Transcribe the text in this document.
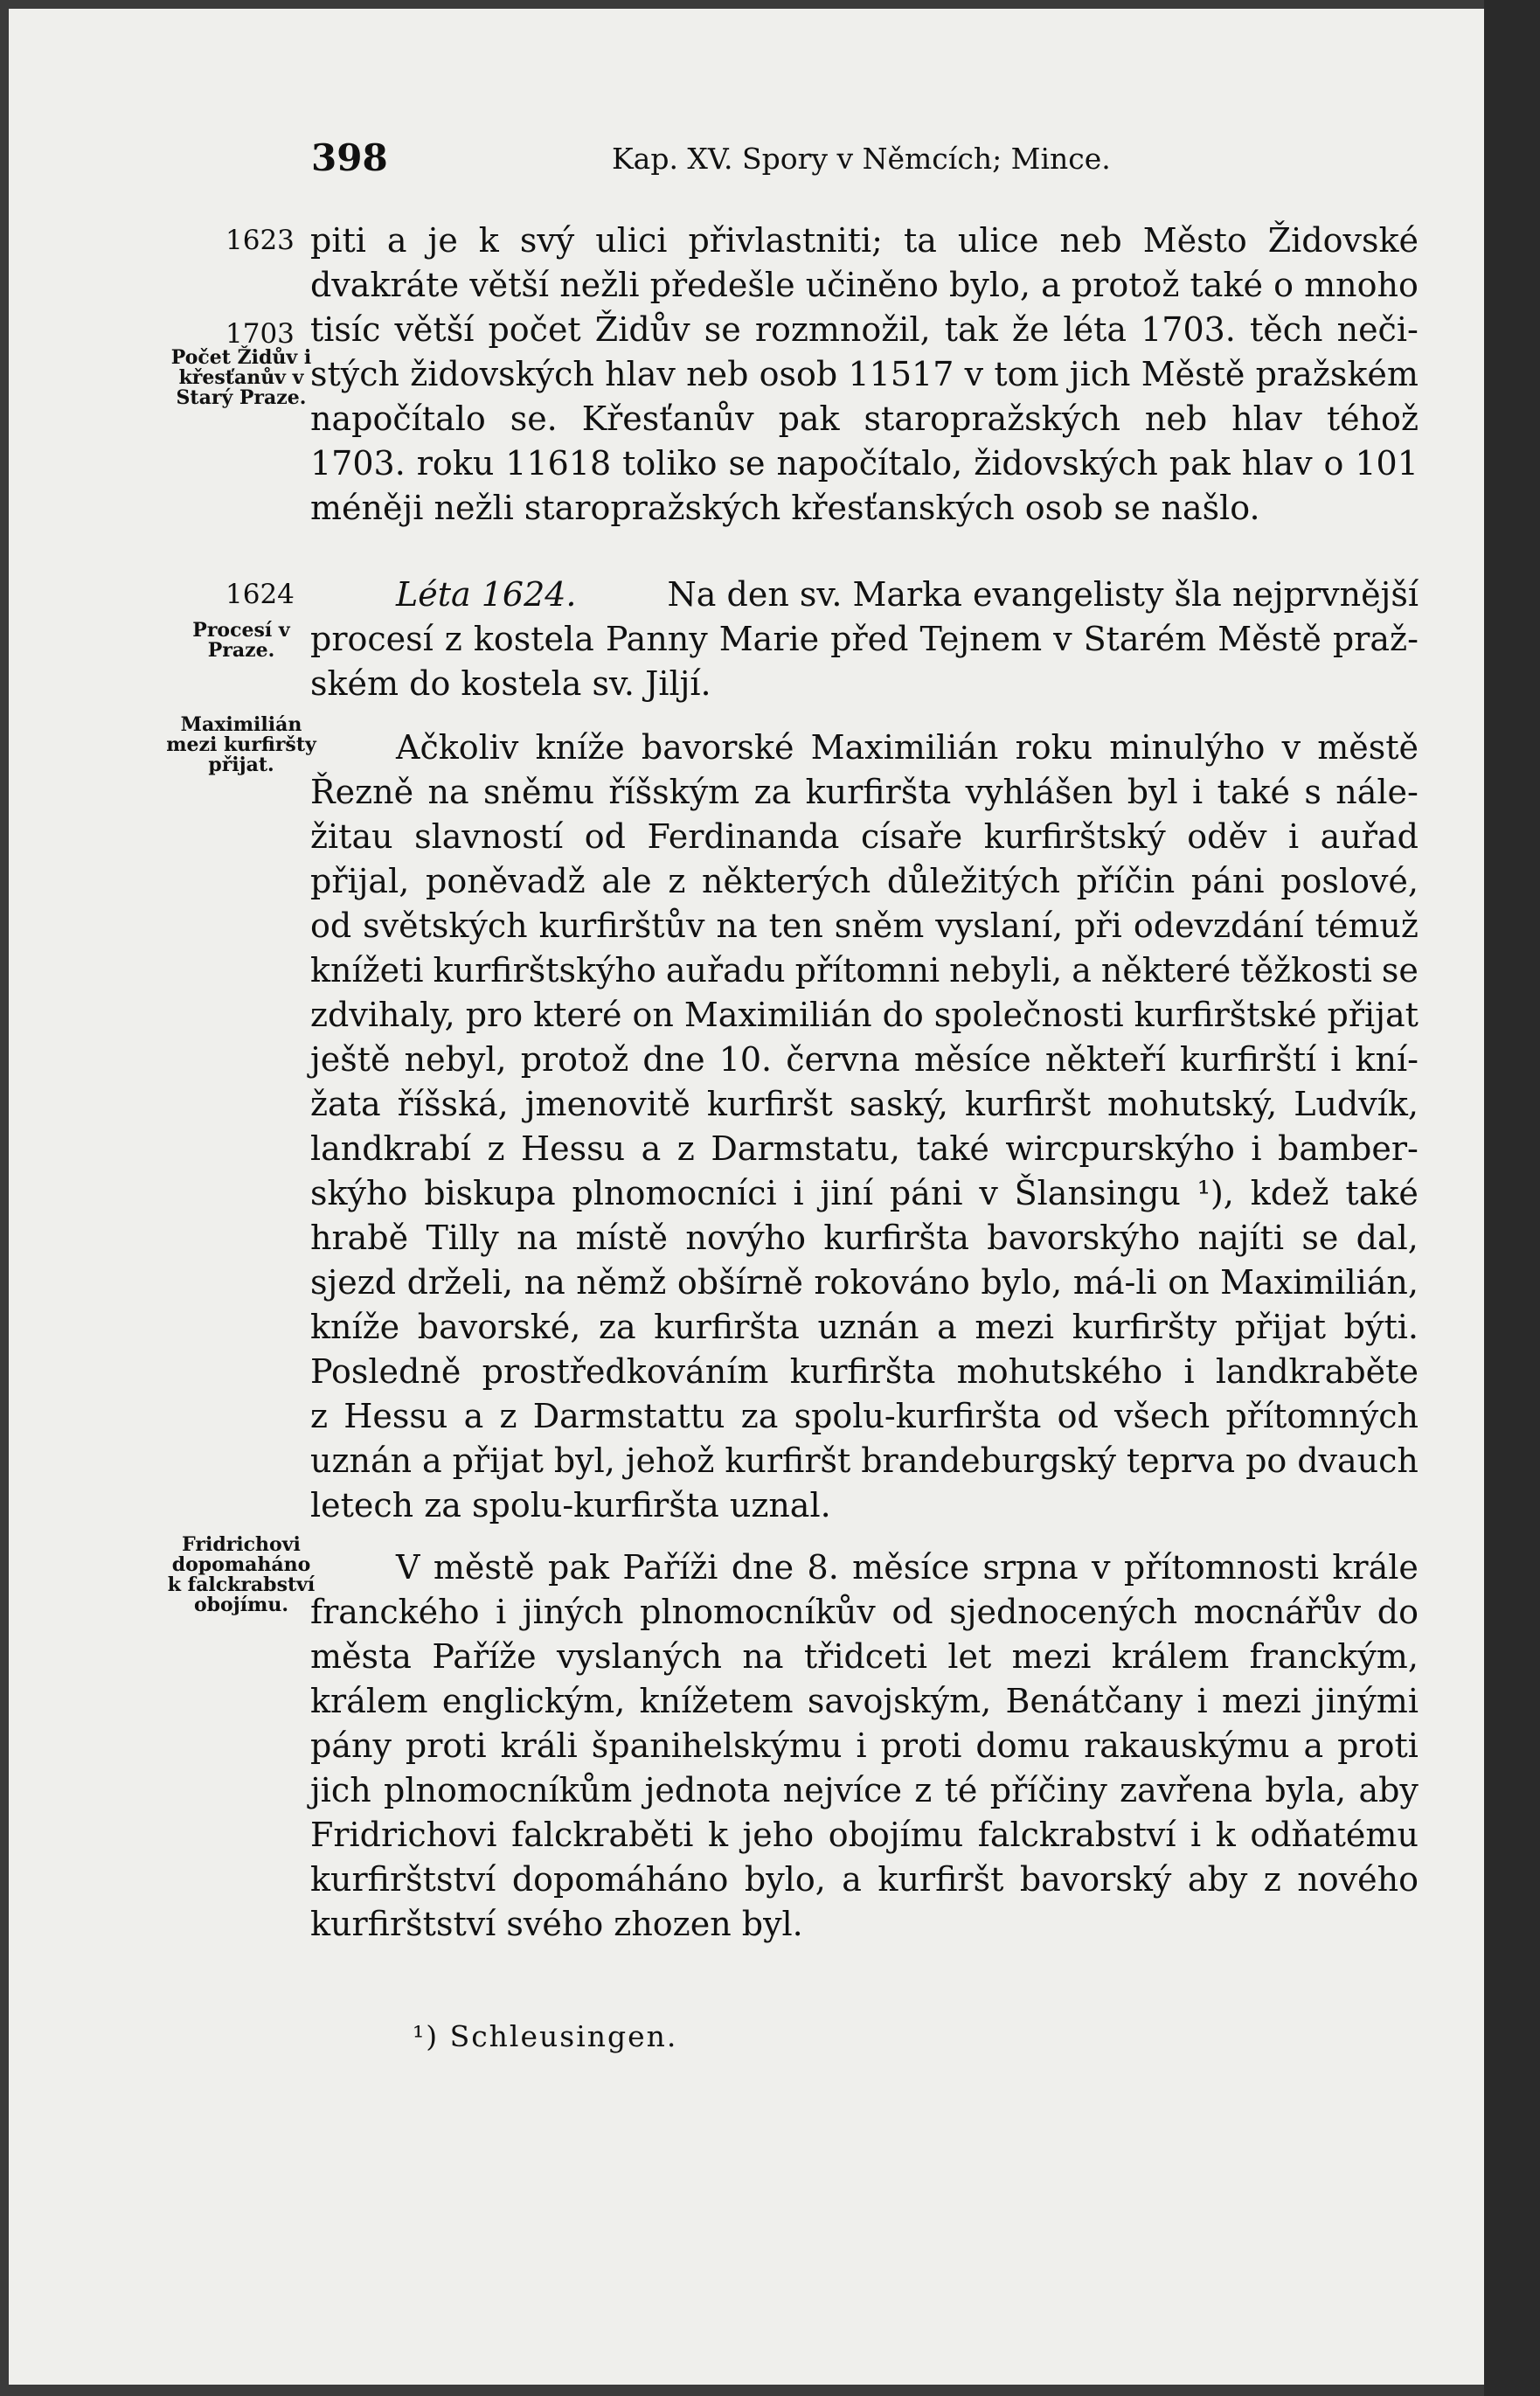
398	Kap. XV. Spory v Němcích; Mince.
1623
1703
1624
Počet Židův i křesťanův v Starý Praze.
Procesí v Praze.
Maximilián mezi kurfiršty přijat.
Fridrichovi dopomaháno k falckrabství obojímu.
piti a je k svý ulici přivlastniti; ta ulice neb Město Židovské
dvakráte větší nežli předešle učiněno bylo, a protož také o mnoho
tisíc větší počet Židův se rozmnožil, tak že léta 1703. těch neči-
stých židovských hlav neb osob 11517 v tom jich Městě pražském
napočítalo se. Křesťanův pak staropražských neb hlav téhož
1703. roku 11618 toliko se napočítalo, židovských pak hlav o 101
méněji nežli staropražských křesťanských osob se našlo.
Léta 1624.	Na den sv. Marka evangelisty šla nejprvnější
procesí z kostela Panny Marie před Tejnem v Starém Městě praž-
ském do kostela sv. Jiljí.
Ačkoliv kníže bavorské Maximilián roku minulýho v městě
Řezně na sněmu říšským za kurfiršta vyhlášen byl i také s nále-
žitau slavností od Ferdinanda císaře kurfirštský oděv i auřad
přijal, poněvadž ale z některých důležitých příčin páni poslové,
od světských kurfirštův na ten sněm vyslaní, při odevzdání témuž
knížeti kurfirštskýho auřadu přítomni nebyli, a některé těžkosti se
zdvihaly, pro které on Maximilián do společnosti kurfirštské přijat
ještě nebyl, protož dne 10. června měsíce někteří kurfirští i kní-
žata říšská, jmenovitě kurfiršt saský, kurfiršt mohutský, Ludvík,
landkrabí z Hessu a z Darmstatu, také wircpurskýho i bamber-
skýho biskupa plnomocníci i jiní páni v Šlansingu ¹), kdež také
hrabě Tilly na místě novýho kurfiršta bavorskýho najíti se dal,
sjezd drželi, na němž obšírně rokováno bylo, má-li on Maximilián,
kníže bavorské, za kurfiršta uznán a mezi kurfiršty přijat býti.
Posledně prostředkováním kurfiršta mohutského i landkraběte
z Hessu a z Darmstattu za spolu-kurfiršta od všech přítomných
uznán a přijat byl, jehož kurfiršt brandeburgský teprva po dvauch
letech za spolu-kurfiršta uznal.
V městě pak Paříži dne 8. měsíce srpna v přítomnosti krále
franckého i jiných plnomocníkův od sjednocených mocnářův do
města Paříže vyslaných na třidceti let mezi králem franckým,
králem englickým, knížetem savojským, Benátčany i mezi jinými
pány proti králi španihelskýmu i proti domu rakauskýmu a proti
jich plnomocníkům jednota nejvíce z té příčiny zavřena byla, aby
Fridrichovi falckraběti k jeho obojímu falckrabství i k odňatému
kurfirštství dopomáháno bylo, a kurfiršt bavorský aby z nového
kurfirštství svého zhozen byl.
¹) Schleusingen.
